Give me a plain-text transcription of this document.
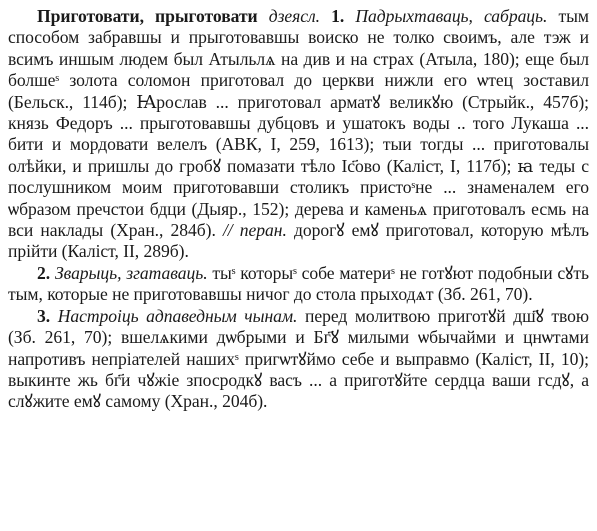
Приготовати, прыготовати дзеясл. 1. Падрыхтаваць, сабраць. тым способом забравшы и прыготовавшы воиско не толко своимъ, але тэж и всимъ иншым людем был Атыльлѧ на див и на страх (Атыла, 180); еще был болшеˢ золота соломон приготовал до церкви нижли его ѡтец зоставил (Бельск., 114б); Ꙗрослав ... приготовал арматꙋ великꙋю (Стрыйк., 457б); князь Федоръ ... прыготовавшы дубцовъ и ушатокъ воды .. того Лукаша ... бити и мордовати велелъ (АВК, I, 259, 1613); тыи тогды ... приготовалы олѣйки, и пришлы до гробꙋ помазати тѣло Іс҃ово (Калiст, I, 117б); ꙗ теды с послушником моим приготовавши столикъ пристоˢне ... знаменалем его ѡбразом пречстои бдци (Дыяр., 152); дерева и каменьѧ приготовалъ есмь на вси наклады (Хран., 284б). // перан. дорогꙋ емꙋ приготовал, которую мѣлъ прiйти (Калiст, II, 289б).

2. Зварыць, згатаваць. тыˢ которыˢ собе материˢ не готꙋют подобныи сꙋть тым, которые не приготовавшы ничог до стола прыходѧт (Зб. 261, 70).

3. Настроiць адпаведным чынам. перед молитвою приготꙋй дш҃ꙋ твою (Зб. 261, 70); вшелѧкими дѡбрыми и Бг҃ꙋ милыми ѡбычайми и цнѡтами напротивъ непрiателей нашихˢ пригѡтꙋймо себе и выправмо (Калiст, II, 10); выкинте жь бг҃и чꙋжiе зпосродкꙋ васъ ... а приготꙋйте сердца ваши гсдꙋ, а слꙋжите емꙋ самому (Хран., 204б).
